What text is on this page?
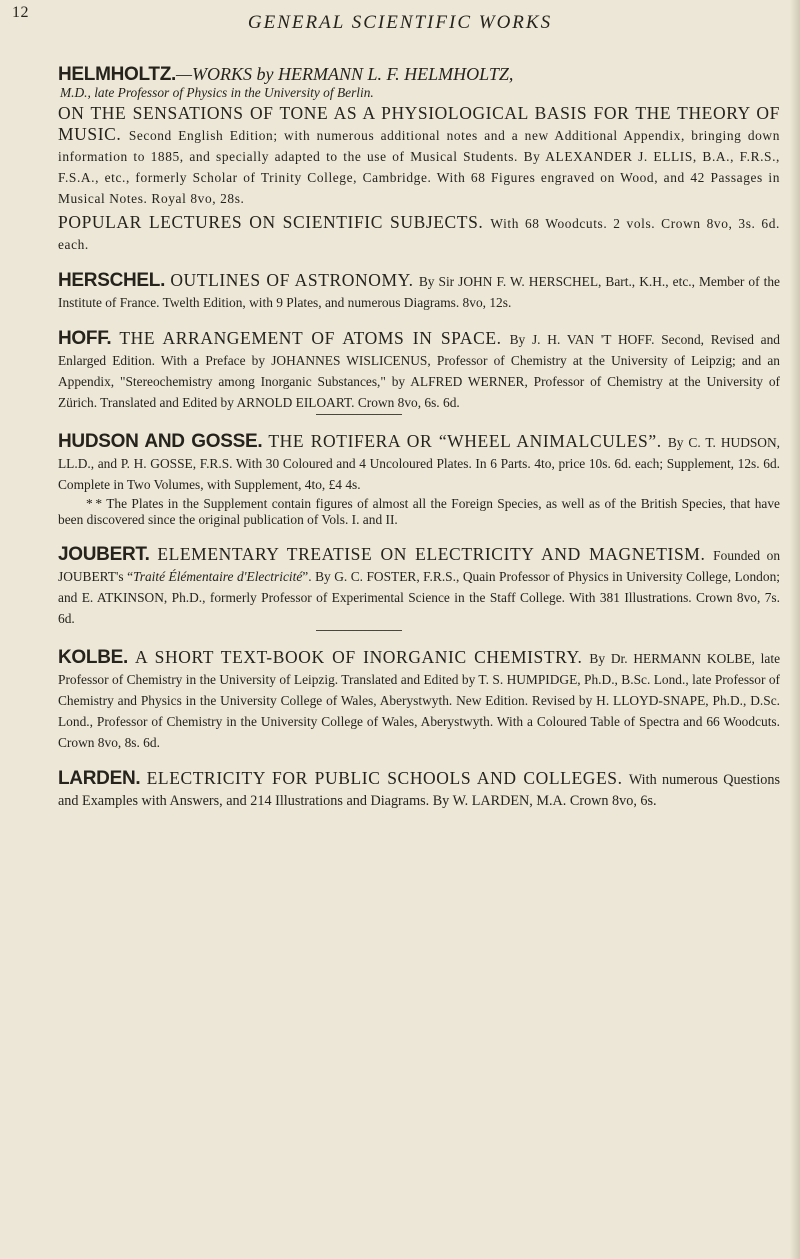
12	GENERAL SCIENTIFIC WORKS

HELMHOLTZ.—WORKS by HERMANN L. F. HELMHOLTZ,

M.D., late Professor of Physics in the University of Berlin.

ON THE SENSATIONS OF TONE AS A PHYSIOLOGICAL BASIS FOR THE THEORY OF MUSIC. Second English Edition; with numerous additional notes and a new Additional Appendix, bringing down information to 1885, and specially adapted to the use of Musical Students. By ALEXANDER J. ELLIS, B.A., F.R.S., F.S.A., etc., formerly Scholar of Trinity College, Cambridge. With 68 Figures engraved on Wood, and 42 Passages in Musical Notes. Royal 8vo, 28s.

POPULAR LECTURES ON SCIENTIFIC SUBJECTS. With 68 Woodcuts. 2 vols. Crown 8vo, 3s. 6d. each.

HERSCHEL. OUTLINES OF ASTRONOMY. By Sir JOHN F. W. HERSCHEL, Bart., K.H., etc., Member of the Institute of France. Twelth Edition, with 9 Plates, and numerous Diagrams. 8vo, 12s.

HOFF. THE ARRANGEMENT OF ATOMS IN SPACE. By J. H. VAN 'T HOFF. Second, Revised and Enlarged Edition. With a Preface by JOHANNES WISLICENUS, Professor of Chemistry at the University of Leipzig; and an Appendix, "Stereochemistry among Inorganic Substances," by ALFRED WERNER, Professor of Chemistry at the University of Zürich. Translated and Edited by ARNOLD EILOART. Crown 8vo, 6s. 6d.

HUDSON AND GOSSE. THE ROTIFERA OR “WHEEL ANIMALCULES”. By C. T. HUDSON, LL.D., and P. H. GOSSE, F.R.S. With 30 Coloured and 4 Uncoloured Plates. In 6 Parts. 4to, price 10s. 6d. each; Supplement, 12s. 6d. Complete in Two Volumes, with Supplement, 4to, £4 4s.

* * The Plates in the Supplement contain figures of almost all the Foreign Species, as well as of the British Species, that have been discovered since the original publication of Vols. I. and II.

JOUBERT. ELEMENTARY TREATISE ON ELECTRICITY AND MAGNETISM. Founded on JOUBERT's “Traité Élémentaire d'Electricité”. By G. C. FOSTER, F.R.S., Quain Professor of Physics in University College, London; and E. ATKINSON, Ph.D., formerly Professor of Experimental Science in the Staff College. With 381 Illustrations. Crown 8vo, 7s. 6d.

KOLBE. A SHORT TEXT-BOOK OF INORGANIC CHEMISTRY. By Dr. HERMANN KOLBE, late Professor of Chemistry in the University of Leipzig. Translated and Edited by T. S. HUMPIDGE, Ph.D., B.Sc. Lond., late Professor of Chemistry and Physics in the University College of Wales, Aberystwyth. New Edition. Revised by H. LLOYD-SNAPE, Ph.D., D.Sc. Lond., Professor of Chemistry in the University College of Wales, Aberystwyth. With a Coloured Table of Spectra and 66 Woodcuts. Crown 8vo, 8s. 6d.

LARDEN. ELECTRICITY FOR PUBLIC SCHOOLS AND COLLEGES. With numerous Questions and Examples with Answers, and 214 Illustrations and Diagrams. By W. LARDEN, M.A. Crown 8vo, 6s.
